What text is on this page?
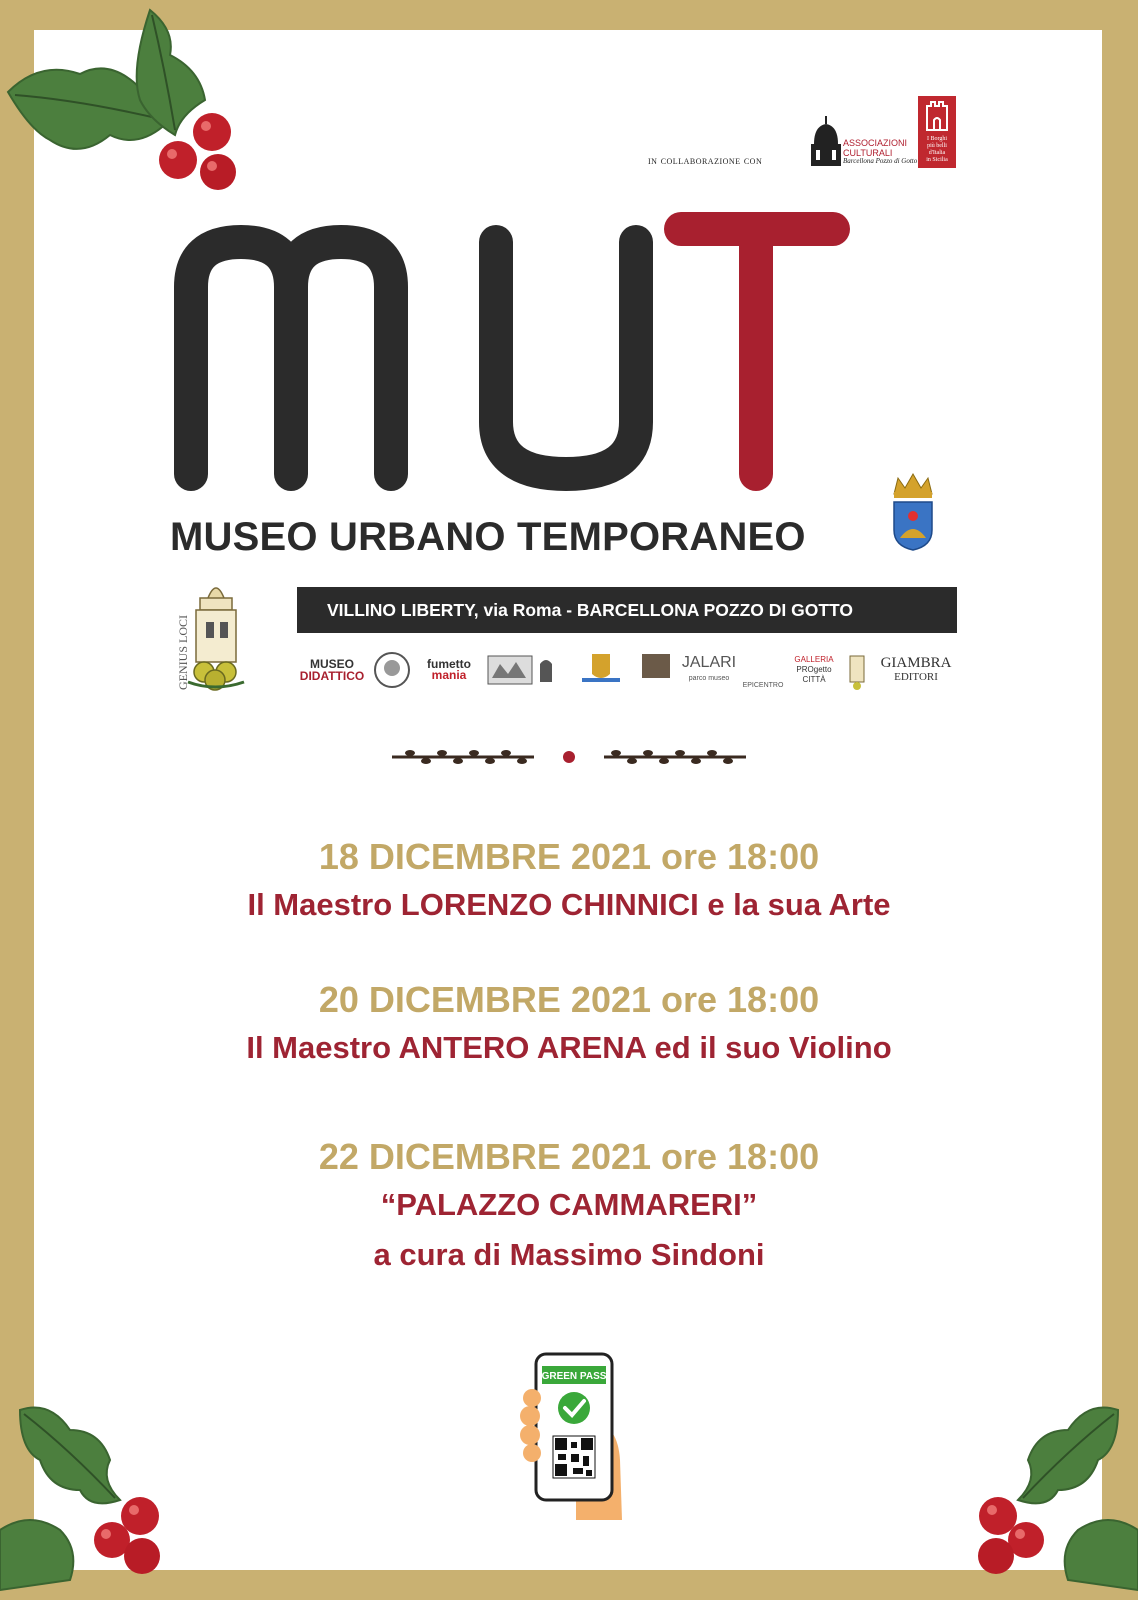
in collaborazione con
ASSOCIAZIONI
CULTURALI
Barcellona Pozzo di Gotto
I Borghi
più belli
d'Italia
in Sicilia
MUSEO URBANO TEMPORANEO
GENIUS LOCI
VILLINO LIBERTY, via Roma - BARCELLONA POZZO DI GOTTO
MUSEO
DIDATTICO
fumetto
mania
JALARI
parco museo
EPICENTRO
GALLERIA
PROgetto
CITTÀ
GIAMBRA
EDITORI
18 DICEMBRE 2021 ore 18:00
Il Maestro LORENZO CHINNICI e la sua Arte
20 DICEMBRE 2021 ore 18:00
Il Maestro ANTERO ARENA ed il suo Violino
22 DICEMBRE 2021 ore 18:00
“PALAZZO CAMMARERI”
a cura di Massimo Sindoni
GREEN PASS
